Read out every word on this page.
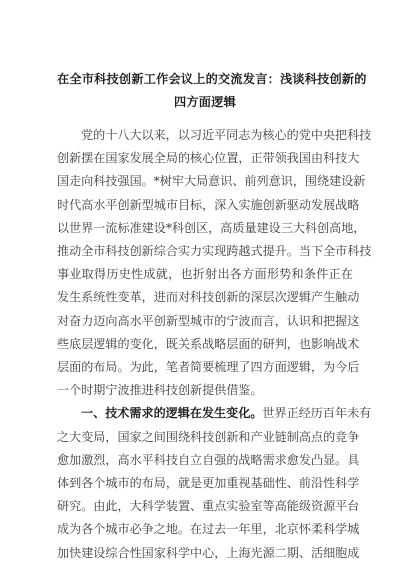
在全市科技创新工作会议上的交流发言：浅谈科技创新的
四方面逻辑

党的十八大以来，以习近平同志为核心的党中央把科技
创新摆在国家发展全局的核心位置，正带领我国由科技大
国走向科技强国。*树牢大局意识、前列意识，围绕建设新
时代高水平创新型城市目标，深入实施创新驱动发展战略
以世界一流标准建设*科创区，高质量建设三大科创高地，
推动全市科技创新综合实力实现跨越式提升。当下全市科技
事业取得历史性成就，也折射出各方面形势和条件正在
发生系统性变革，进而对科技创新的深层次逻辑产生触动
对奋力迈向高水平创新型城市的宁波而言，认识和把握这
些底层逻辑的变化，既关系战略层面的研判，也影响战术
层面的布局。为此，笔者简要梳理了四方面逻辑，为今后
一个时期宁波推进科技创新提供借鉴。

一、技术需求的逻辑在发生变化。世界正经历百年未有
之大变局，国家之间围绕科技创新和产业链制高点的竞争
愈加激烈，高水平科技自立自强的战略需求愈发凸显。具
体到各个城市的布局，就是更加重视基础性、前沿性科学
研究。由此，大科学装置、重点实验室等高能级资源平台
成为各个城市必争之地。在过去一年里，北京怀柔科学城
加快建设综合性国家科学中心，上海光源二期、活细胞成
